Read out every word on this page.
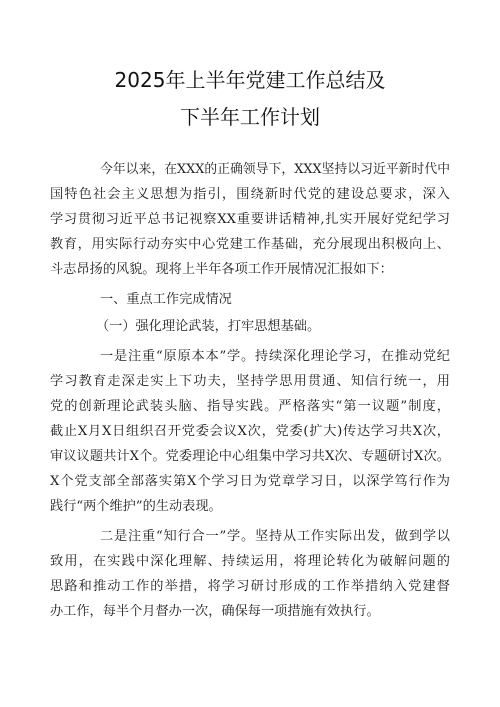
2025年上半年党建工作总结及
下半年工作计划
今年以来，在XXX的正确领导下，XXX坚持以习近平新时代中
国特色社会主义思想为指引，围绕新时代党的建设总要求，深入
学习贯彻习近平总书记视察XX重要讲话精神,扎实开展好党纪学习
教育，用实际行动夯实中心党建工作基础，充分展现出积极向上、
斗志昂扬的风貌。现将上半年各项工作开展情况汇报如下：
一、重点工作完成情况
（一）强化理论武装，打牢思想基础。
一是注重“原原本本”学。持续深化理论学习，在推动党纪
学习教育走深走实上下功夫，坚持学思用贯通、知信行统一，用
党的创新理论武装头脑、指导实践。严格落实“第一议题”制度，
截止X月X日组织召开党委会议X次，党委(扩大)传达学习共X次，
审议议题共计X个。党委理论中心组集中学习共X次、专题研讨X次。
X个党支部全部落实第X个学习日为党章学习日，以深学笃行作为
践行“两个维护”的生动表现。
二是注重“知行合一”学。坚持从工作实际出发，做到学以
致用，在实践中深化理解、持续运用，将理论转化为破解问题的
思路和推动工作的举措，将学习研讨形成的工作举措纳入党建督
办工作，每半个月督办一次，确保每一项措施有效执行。
